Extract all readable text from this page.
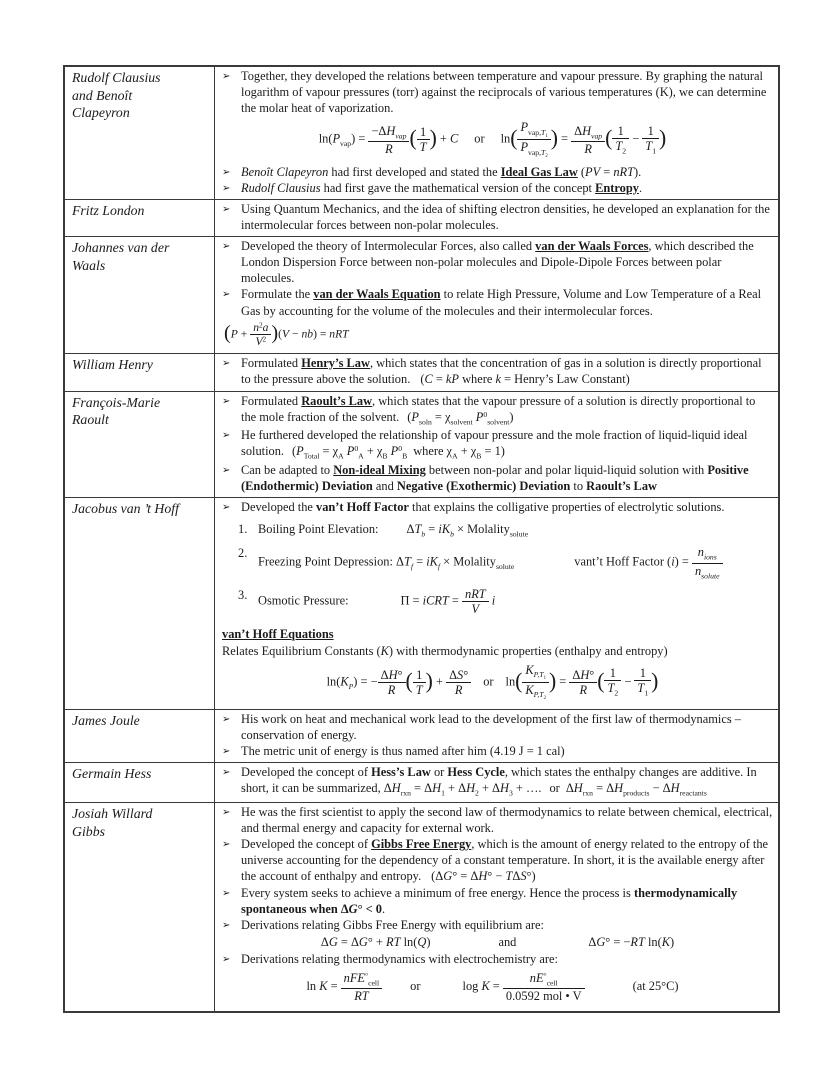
Rudolf Clausius
and Benoît
Clapeyron

➢ Together, they developed the relations between temperature and vapour pressure. By graphing the natural logarithm of vapour pressures (torr) against the reciprocals of various temperatures (K), we can determine the molar heat of vaporization.
$\ln(P_{vap}) = \frac{-\Delta H_{vap}}{R}$ ( $\frac{1}{T}$ ) + C or $\ln( \frac{P_{vap,T_1}}{P_{vap,T_2}}$ ) = $\frac{\Delta H_{vap}}{R}$ ( $\frac{1}{T_2} - \frac{1}{T_1}$ )
➢ Benoît Clapeyron had first developed and stated the Ideal Gas Law (PV = nRT).
➢ Rudolf Clausius had first gave the mathematical version of the concept Entropy.

Fritz London	➢ Using Quantum Mechanics, and the idea of shifting electron densities, he developed an explanation for the intermolecular forces between non-polar molecules.

Johannes van der
Waals

➢ Developed the theory of Intermolecular Forces, also called van der Waals Forces, which described the London Dispersion Force between non-polar molecules and Dipole-Dipole Forces between polar molecules.
➢ Formulate the van der Waals Equation to relate High Pressure, Volume and Low Temperature of a Real Gas by accounting for the volume of the molecules and their intermolecular forces.
$(P + \frac{n^2a}{V^2} )(V - nb)$ = nRT

William Henry	➢ Formulated Henry’s Law, which states that the concentration of gas in a solution is directly proportional to the pressure above the solution. (C = kP where k = Henry’s Law Constant)

François-Marie
Raoult

➢ Formulated Raoult’s Law, which states that the vapour pressure of a solution is directly proportional to the mole fraction of the solvent. ($P_{soln} = \chi_{solvent}$ $P^0_{solvent}$)
➢ He furthered developed the relationship of vapour pressure and the mole fraction of liquid-liquid ideal solution. ($P_{Total} = \chi_A$ $P^0_A + \chi_B$ $P^0_B$ where $\chi_A + \chi_B = 1$)
➢ Can be adapted to Non-ideal Mixing between non-polar and polar liquid-liquid solution with Positive (Endothermic) Deviation and Negative (Exothermic) Deviation to Raoult’s Law

Jacobus van ’t Hoff	➢ Developed the van’t Hoff Factor that explains the colligative properties of electrolytic solutions.
1. Boiling Point Elevation: $\Delta T_b = iK_b$ × Molality$_{solute}$
2.
Freezing Point Depression: $\Delta T_f = iK_f$ × Molality$_{solute}$	vant’t Hoff Factor $(i) = \frac{n_{ions}}{n_{solute}}$
3. Osmotic Pressure:	Π = iCRT = $\frac{\text{nRT}}{V}$ i
van’t Hoff Equations
Relates Equilibrium Constants (K) with thermodynamic properties (enthalpy and entropy)
$\ln(K_P)$ = − $\frac{\Delta H^\circ}{R}$ ( $\frac{1}{T}$ ) + $\frac{\Delta S^\circ}{R}$ or $\ln( \frac{K_{P,T_1}}{K_{P,T_2}}$ ) = $\frac{\Delta H^\circ}{R}$ ( $\frac{1}{T_2} - \frac{1}{T_1}$ )

James Joule	➢ His work on heat and mechanical work lead to the development of the first law of thermodynamics – conservation of energy.
➢ The metric unit of energy is thus named after him (4.19 J = 1 cal)

Germain Hess	➢ Developed the concept of Hess’s Law or Hess Cycle, which states the enthalpy changes are additive. In short, it can be summarized, $\Delta H_{rxn} = \Delta H_1 + \Delta H_2 + \Delta H_3$ + …. or $\Delta H_{rxn} = \Delta H_{products} - \Delta H_{reactants}$

Josiah Willard
Gibbs

➢ He was the first scientist to apply the second law of thermodynamics to relate between chemical, electrical, and thermal energy and capacity for external work.
➢ Developed the concept of Gibbs Free Energy, which is the amount of energy related to the entropy of the universe accounting for the dependency of a constant temperature. In short, it is the available energy after the account of enthalpy and entropy. (ΔG° = ΔH° − TΔS°)
➢ Every system seeks to achieve a minimum of free energy. Hence the process is thermodynamically spontaneous when ΔG° < 0.
➢ Derivations relating Gibbs Free Energy with equilibrium are:
ΔG = ΔG° + RT ln(Q)	and	ΔG° = −RT ln(K)
➢ Derivations relating thermodynamics with electrochemistry are:
$\ln K = \frac{nFE^\circ_{cell}}{RT}$ or	$\log K = \frac{nE^\circ_{cell}}{\text{0.0592 mol • V}}$	(at 25°C)
